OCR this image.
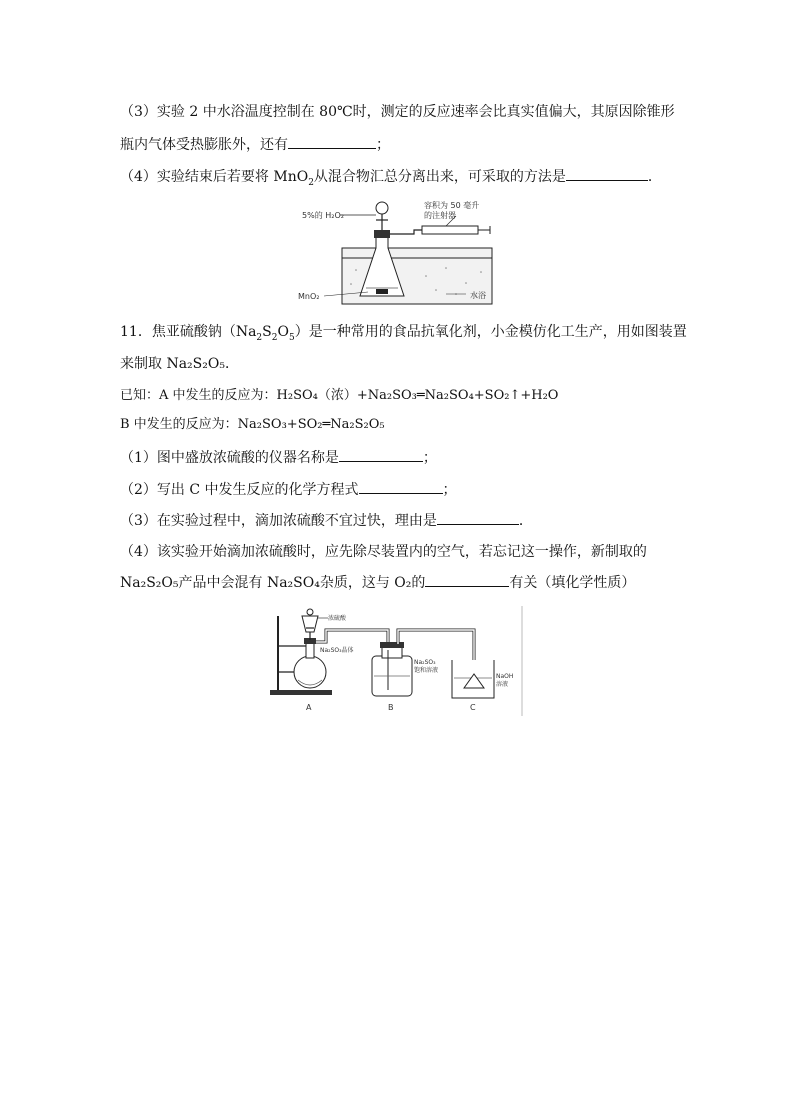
（3）实验 2 中水浴温度控制在 80℃时，测定的反应速率会比真实值偏大，其原因除锥形
瓶内气体受热膨胀外，还有	；
（4）实验结束后若要将 MnO$_2$从混合物汇总分离出来，可采取的方法是	．
5%的 H₂O₂
容积为 50 毫升
的注射器
MnO₂	水浴
11．焦亚硫酸钠$(Na_2S_2O_5)$是一种常用的食品抗氧化剂，小金模仿化工生产，用如图装置
来制取 Na₂S₂O₅．
已知：A 中发生的反应为：H₂SO₄（浓）+Na₂SO₃═Na₂SO₄+SO₂↑+H₂O
B 中发生的反应为：Na₂SO₃+SO₂═Na₂S₂O₅
（1）图中盛放浓硫酸的仪器名称是	；
（2）写出 C 中发生反应的化学方程式	；
（3）在实验过程中，滴加浓硫酸不宜过快，理由是	．
（4）该实验开始滴加浓硫酸时，应先除尽装置内的空气，若忘记这一操作，新制取的
Na₂S₂O₅产品中会混有 Na₂SO₄杂质，这与 O₂的	有关（填化学性质）
浓硫酸
Na₂SO₃晶体
Na₂SO₃
饱和溶液
NaOH
溶液
A	B	C
